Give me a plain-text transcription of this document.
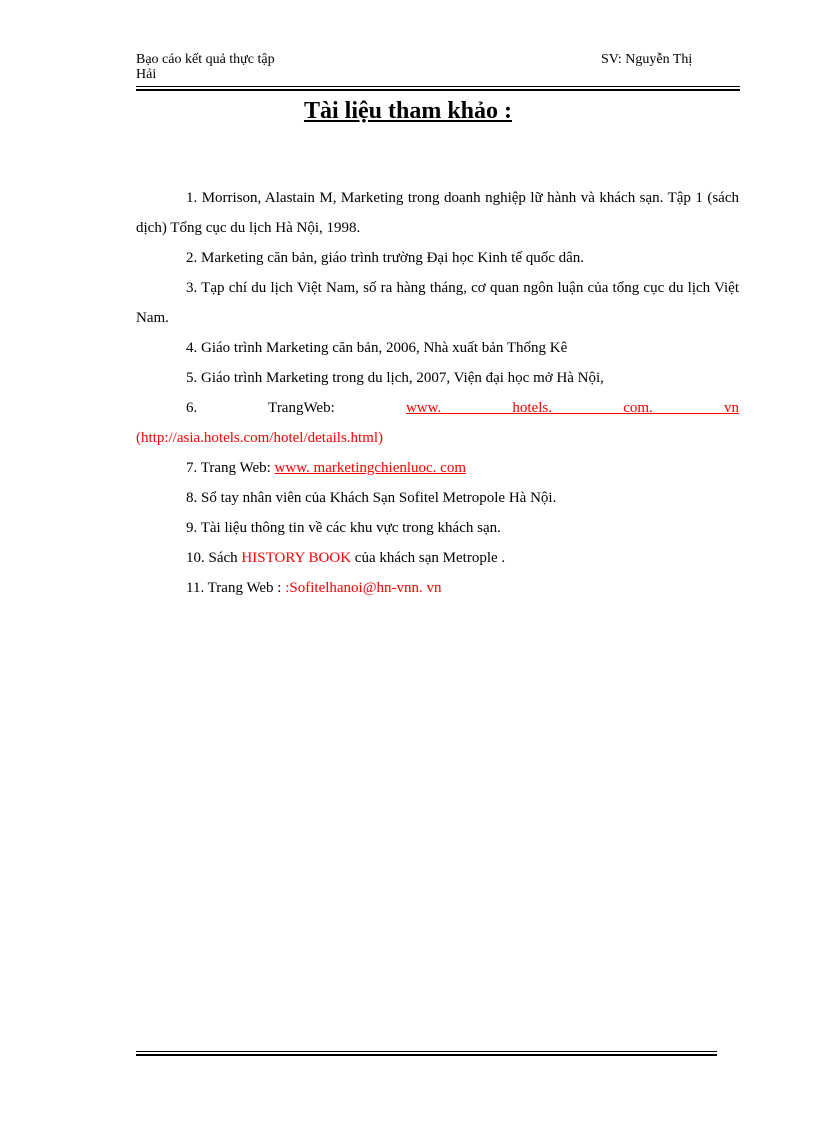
Bạo cáo kết quả thực tập
Hải
SV: Nguyễn Thị
Tài liệu tham khảo :

1. Morrison, Alastain M, Marketing trong doanh nghiệp lữ hành và khách sạn. Tập 1 (sách dịch) Tổng cục du lịch Hà Nội, 1998.

2. Marketing căn bản, giáo trình trường Đại học Kinh tế quốc dân.

3. Tạp chí du lịch Việt Nam, số ra hàng tháng, cơ quan ngôn luận của tổng cục du lịch Việt Nam.

4. Giáo trình Marketing căn bản, 2006, Nhà xuất bản Thống Kê

5. Giáo trình Marketing trong du lịch, 2007, Viện đại học mở Hà Nội,

6. TrangWeb: www. hotels. com. vn

(http://asia.hotels.com/hotel/details.html)

7. Trang Web: www. marketingchienluoc. com

8. Sổ tay nhân viên của Khách Sạn Sofitel Metropole Hà Nội.

9. Tài liệu thông tin về các khu vực trong khách sạn.

10. Sách HISTORY BOOK của khách sạn Metrople .

11. Trang Web : :Sofitelhanoi@hn-vnn. vn
